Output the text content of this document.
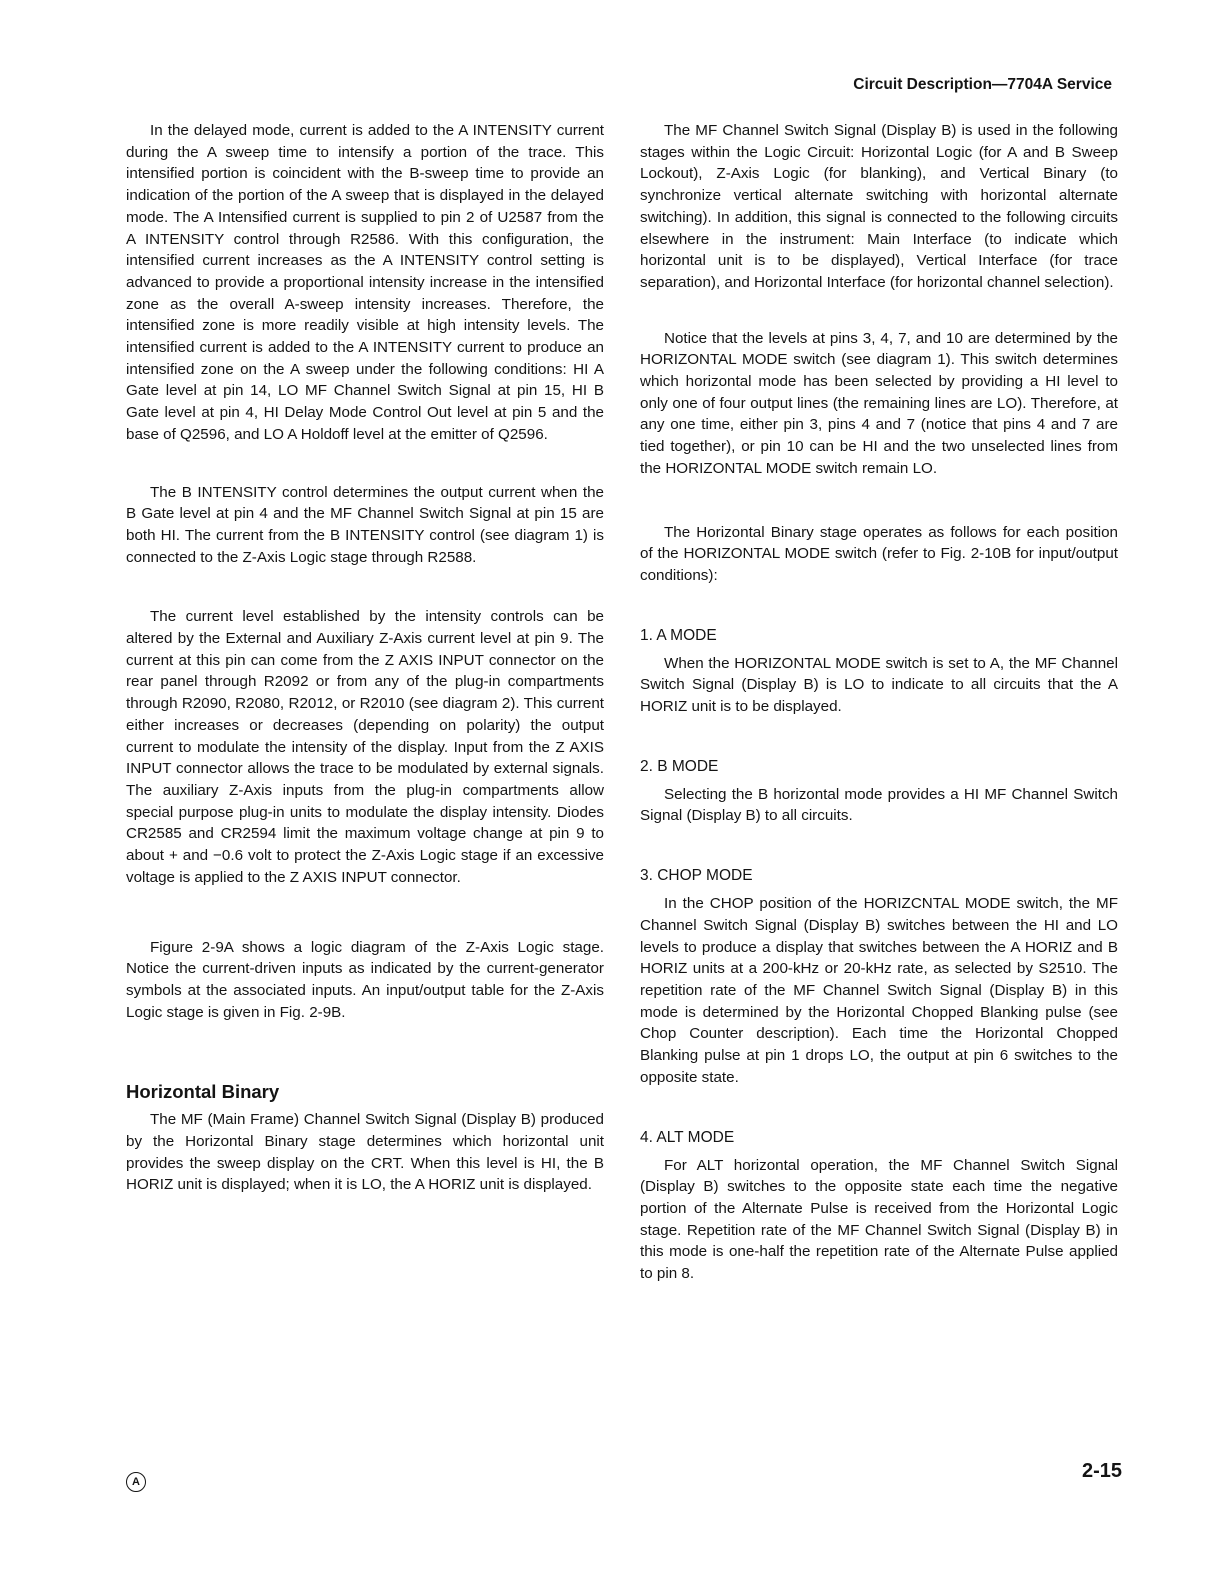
Circuit Description—7704A Service

In the delayed mode, current is added to the A INTENSITY current during the A sweep time to intensify a portion of the trace. This intensified portion is coincident with the B-sweep time to provide an indication of the portion of the A sweep that is displayed in the delayed mode. The A Intensified current is supplied to pin 2 of U2587 from the A INTENSITY control through R2586. With this configuration, the intensified current increases as the A INTENSITY control setting is advanced to provide a proportional intensity increase in the intensified zone as the overall A-sweep intensity increases. Therefore, the intensified zone is more readily visible at high intensity levels. The intensified current is added to the A INTENSITY current to produce an intensified zone on the A sweep under the following conditions: HI A Gate level at pin 14, LO MF Channel Switch Signal at pin 15, HI B Gate level at pin 4, HI Delay Mode Control Out level at pin 5 and the base of Q2596, and LO A Holdoff level at the emitter of Q2596.

The B INTENSITY control determines the output current when the B Gate level at pin 4 and the MF Channel Switch Signal at pin 15 are both HI. The current from the B INTENSITY control (see diagram 1) is connected to the Z-Axis Logic stage through R2588.

The current level established by the intensity controls can be altered by the External and Auxiliary Z-Axis current level at pin 9. The current at this pin can come from the Z AXIS INPUT connector on the rear panel through R2092 or from any of the plug-in compartments through R2090, R2080, R2012, or R2010 (see diagram 2). This current either increases or decreases (depending on polarity) the output current to modulate the intensity of the display. Input from the Z AXIS INPUT connector allows the trace to be modulated by external signals. The auxiliary Z-Axis inputs from the plug-in compartments allow special purpose plug-in units to modulate the display intensity. Diodes CR2585 and CR2594 limit the maximum voltage change at pin 9 to about + and −0.6 volt to protect the Z-Axis Logic stage if an excessive voltage is applied to the Z AXIS INPUT connector.

Figure 2-9A shows a logic diagram of the Z-Axis Logic stage. Notice the current-driven inputs as indicated by the current-generator symbols at the associated inputs. An input/output table for the Z-Axis Logic stage is given in Fig. 2-9B.

Horizontal Binary

The MF (Main Frame) Channel Switch Signal (Display B) produced by the Horizontal Binary stage determines which horizontal unit provides the sweep display on the CRT. When this level is HI, the B HORIZ unit is displayed; when it is LO, the A HORIZ unit is displayed.

The MF Channel Switch Signal (Display B) is used in the following stages within the Logic Circuit: Horizontal Logic (for A and B Sweep Lockout), Z-Axis Logic (for blanking), and Vertical Binary (to synchronize vertical alternate switching with horizontal alternate switching). In addition, this signal is connected to the following circuits elsewhere in the instrument: Main Interface (to indicate which horizontal unit is to be displayed), Vertical Interface (for trace separation), and Horizontal Interface (for horizontal channel selection).

Notice that the levels at pins 3, 4, 7, and 10 are determined by the HORIZONTAL MODE switch (see diagram 1). This switch determines which horizontal mode has been selected by providing a HI level to only one of four output lines (the remaining lines are LO). Therefore, at any one time, either pin 3, pins 4 and 7 (notice that pins 4 and 7 are tied together), or pin 10 can be HI and the two unselected lines from the HORIZONTAL MODE switch remain LO.

The Horizontal Binary stage operates as follows for each position of the HORIZONTAL MODE switch (refer to Fig. 2-10B for input/output conditions):

1. A MODE

When the HORIZONTAL MODE switch is set to A, the MF Channel Switch Signal (Display B) is LO to indicate to all circuits that the A HORIZ unit is to be displayed.

2. B MODE

Selecting the B horizontal mode provides a HI MF Channel Switch Signal (Display B) to all circuits.

3. CHOP MODE

In the CHOP position of the HORIZCNTAL MODE switch, the MF Channel Switch Signal (Display B) switches between the HI and LO levels to produce a display that switches between the A HORIZ and B HORIZ units at a 200-kHz or 20-kHz rate, as selected by S2510. The repetition rate of the MF Channel Switch Signal (Display B) in this mode is determined by the Horizontal Chopped Blanking pulse (see Chop Counter description). Each time the Horizontal Chopped Blanking pulse at pin 1 drops LO, the output at pin 6 switches to the opposite state.

4. ALT MODE

For ALT horizontal operation, the MF Channel Switch Signal (Display B) switches to the opposite state each time the negative portion of the Alternate Pulse is received from the Horizontal Logic stage. Repetition rate of the MF Channel Switch Signal (Display B) in this mode is one-half the repetition rate of the Alternate Pulse applied to pin 8.

A	2-15
